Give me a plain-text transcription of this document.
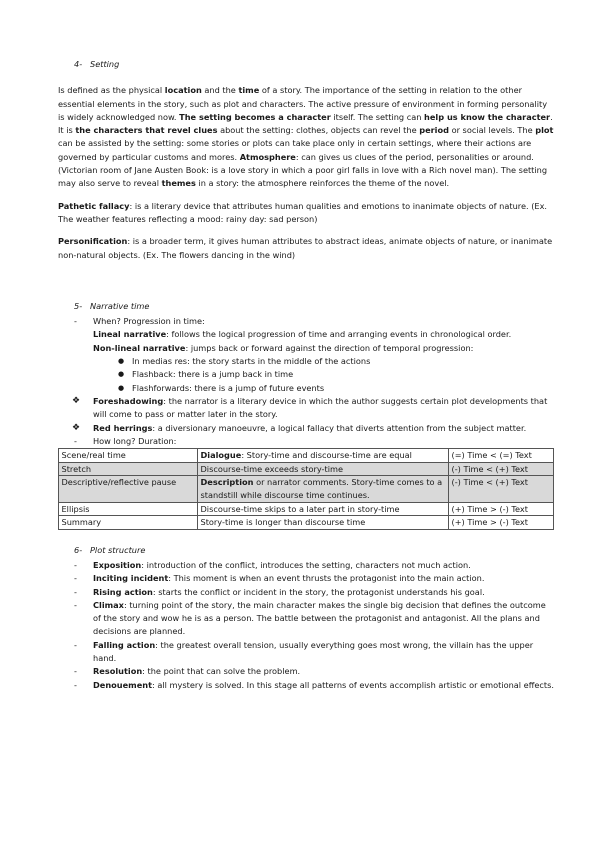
4- Setting

Is defined as the physical location and the time of a story. The importance of the setting in relation to the other essential elements in the story, such as plot and characters. The active pressure of environment in forming personality is widely acknowledged now. The setting becomes a character itself. The setting can help us know the character. It is the characters that revel clues about the setting: clothes, objects can revel the period or social levels. The plot can be assisted by the setting: some stories or plots can take place only in certain settings, where their actions are governed by particular customs and mores. Atmosphere: can gives us clues of the period, personalities or around. (Victorian room of Jane Austen Book: is a love story in which a poor girl falls in love with a Rich novel man). The setting may also serve to reveal themes in a story: the atmosphere reinforces the theme of the novel.

Pathetic fallacy: is a literary device that attributes human qualities and emotions to inanimate objects of nature. (Ex. The weather features reflecting a mood: rainy day: sad person)

Personification: is a broader term, it gives human attributes to abstract ideas, animate objects of nature, or inanimate non-natural objects. (Ex. The flowers dancing in the wind)

5- Narrative time

- When? Progression in time:

Lineal narrative: follows the logical progression of time and arranging events in chronological order.

Non-lineal narrative: jumps back or forward against the direction of temporal progression:

● In medias res: the story starts in the middle of the actions
● Flashback: there is a jump back in time
● Flashforwards: there is a jump of future events
❖ Foreshadowing: the narrator is a literary device in which the author suggests certain plot developments that will come to pass or matter later in the story.
❖ Red herrings: a diversionary manoeuvre, a logical fallacy that diverts attention from the subject matter.
- How long? Duration:
Scene/real time	Dialogue: Story-time and discourse-time are equal	(=) Time < (=) Text
Stretch	Discourse-time exceeds story-time	(-) Time < (+) Text
Descriptive/reflective pause	Description or narrator comments. Story-time comes to a standstill while discourse time continues.	(-) Time < (+) Text
Ellipsis	Discourse-time skips to a later part in story-time	(+) Time > (-) Text
Summary	Story-time is longer than discourse time	(+) Time > (-) Text

6- Plot structure

- Exposition: introduction of the conflict, introduces the setting, characters not much action.
- Inciting incident: This moment is when an event thrusts the protagonist into the main action.
- Rising action: starts the conflict or incident in the story, the protagonist understands his goal.
- Climax: turning point of the story, the main character makes the single big decision that defines the outcome of the story and wow he is as a person. The battle between the protagonist and antagonist. All the plans and decisions are planned.
- Falling action: the greatest overall tension, usually everything goes most wrong, the villain has the upper hand.
- Resolution: the point that can solve the problem.
- Denouement: all mystery is solved. In this stage all patterns of events accomplish artistic or emotional effects.
